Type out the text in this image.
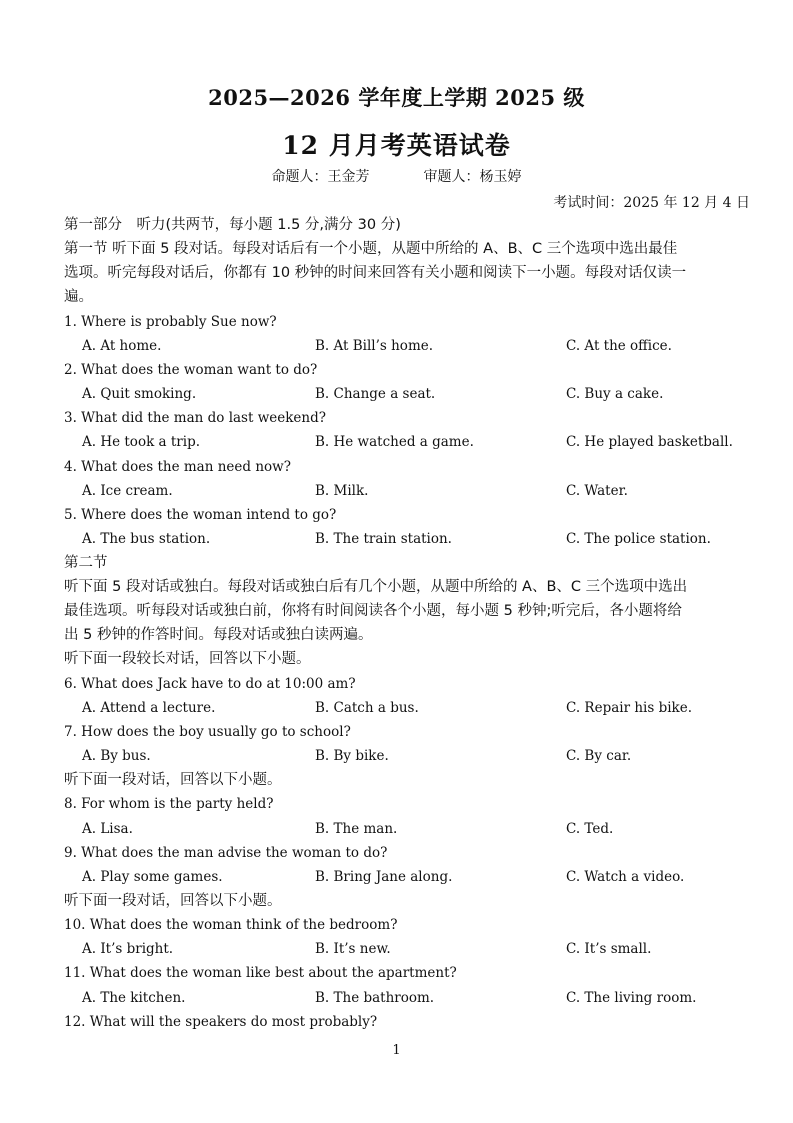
2025—2026 学年度上学期 2025 级
12 月月考英语试卷
命题人：王金芳	审题人：杨玉婷
考试时间：2025 年 12 月 4 日
第一部分　听力(共两节，每小题 1.5 分,满分 30 分)
第一节 听下面 5 段对话。每段对话后有一个小题，从题中所给的 A、B、C 三个选项中选出最佳
选项。听完每段对话后，你都有 10 秒钟的时间来回答有关小题和阅读下一小题。每段对话仅读一
遍。
1. Where is probably Sue now?
A. At home.	B. At Bill’s home.	C. At the office.
2. What does the woman want to do?
A. Quit smoking.	B. Change a seat.	C. Buy a cake.
3. What did the man do last weekend?
A. He took a trip.	B. He watched a game.	C. He played basketball.
4. What does the man need now?
A. Ice cream.	B. Milk.	C. Water.
5. Where does the woman intend to go?
A. The bus station.	B. The train station.	C. The police station.
第二节
听下面 5 段对话或独白。每段对话或独白后有几个小题，从题中所给的 A、B、C 三个选项中选出
最佳选项。听每段对话或独白前，你将有时间阅读各个小题，每小题 5 秒钟;听完后，各小题将给
出 5 秒钟的作答时间。每段对话或独白读两遍。
听下面一段较长对话，回答以下小题。
6. What does Jack have to do at 10:00 am?
A. Attend a lecture.	B. Catch a bus.	C. Repair his bike.
7. How does the boy usually go to school?
A. By bus.	B. By bike.	C. By car.
听下面一段对话，回答以下小题。
8. For whom is the party held?
A. Lisa.	B. The man.	C. Ted.
9. What does the man advise the woman to do?
A. Play some games.	B. Bring Jane along.	C. Watch a video.
听下面一段对话，回答以下小题。
10. What does the woman think of the bedroom?
A. It’s bright.	B. It’s new.	C. It’s small.
11. What does the woman like best about the apartment?
A. The kitchen.	B. The bathroom.	C. The living room.
12. What will the speakers do most probably?
1
